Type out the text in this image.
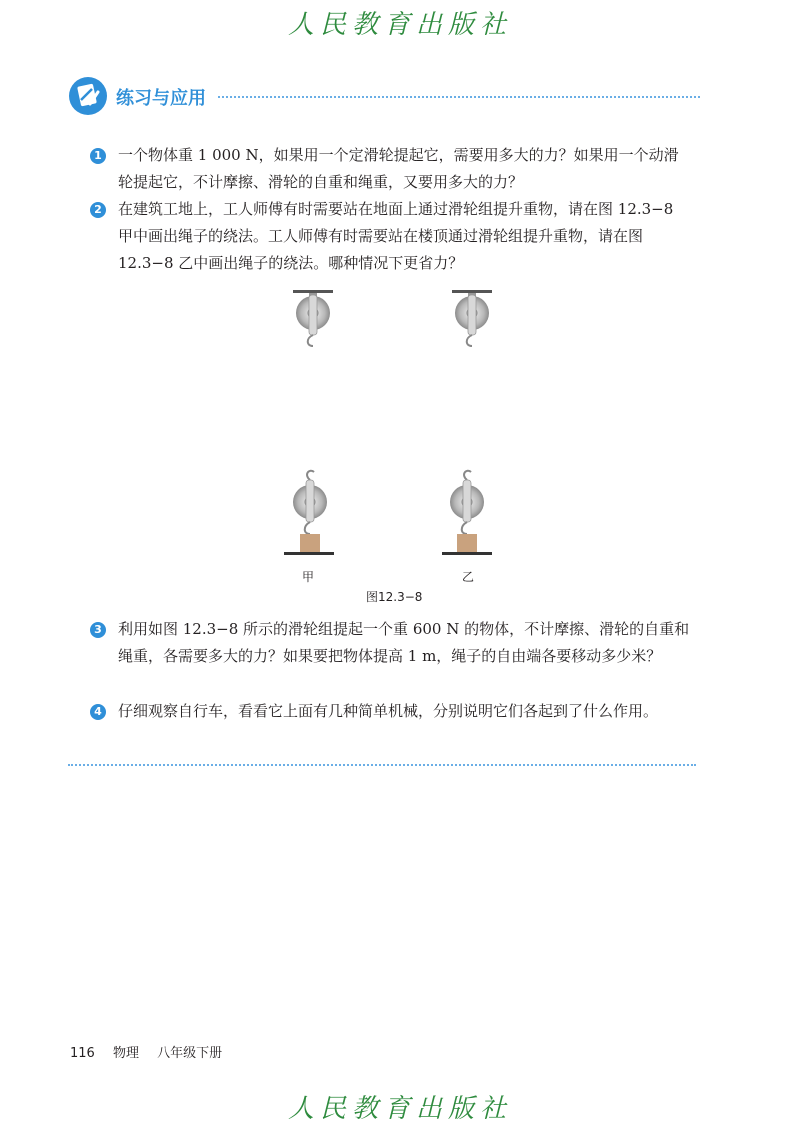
人民教育出版社
练习与应用
1 一个物体重 1 000 N，如果用一个定滑轮提起它，需要用多大的力？如果用一个动滑轮提起它，不计摩擦、滑轮的自重和绳重，又要用多大的力？
2 在建筑工地上，工人师傅有时需要站在地面上通过滑轮组提升重物，请在图 12.3−8 甲中画出绳子的绕法。工人师傅有时需要站在楼顶通过滑轮组提升重物，请在图 12.3−8 乙中画出绳子的绕法。哪种情况下更省力？
甲	乙
图12.3−8
3 利用如图 12.3−8 所示的滑轮组提起一个重 600 N 的物体，不计摩擦、滑轮的自重和绳重，各需要多大的力？如果要把物体提高 1 m，绳子的自由端各要移动多少米？
4 仔细观察自行车，看看它上面有几种简单机械，分别说明它们各起到了什么作用。
116 物理 八年级下册
人民教育出版社
